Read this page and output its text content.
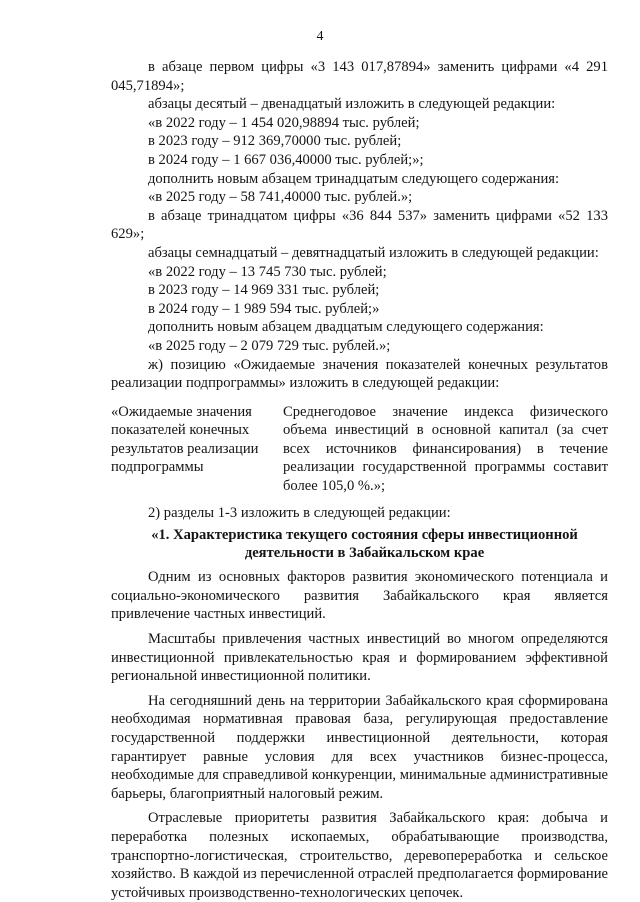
4

в абзаце первом цифры «3 143 017,87894» заменить цифрами «4 291 045,71894»;

абзацы десятый – двенадцатый изложить в следующей редакции:

«в 2022 году – 1 454 020,98894 тыс. рублей;

в 2023 году – 912 369,70000 тыс. рублей;

в 2024 году – 1 667 036,40000 тыс. рублей;»;

дополнить новым абзацем тринадцатым следующего содержания:

«в 2025 году – 58 741,40000 тыс. рублей.»;

в абзаце тринадцатом цифры «36 844 537» заменить цифрами «52 133 629»;

абзацы семнадцатый – девятнадцатый изложить в следующей редакции:

«в 2022 году – 13 745 730 тыс. рублей;

в 2023 году – 14 969 331 тыс. рублей;

в 2024 году – 1 989 594 тыс. рублей;»

дополнить новым абзацем двадцатым следующего содержания:

«в 2025 году – 2 079 729 тыс. рублей.»;

ж) позицию «Ожидаемые значения показателей конечных результатов реализации подпрограммы» изложить в следующей редакции:

«Ожидаемые значения показателей конечных результатов реализации подпрограммы
Среднегодовое значение индекса физического объема инвестиций в основной капитал (за счет всех источников финансирования) в течение реализации государственной программы составит более 105,0 %.»;

2) разделы 1-3 изложить в следующей редакции:

«1. Характеристика текущего состояния сферы инвестиционной

деятельности в Забайкальском крае

Одним из основных факторов развития экономического потенциала и социально-экономического развития Забайкальского края является привлечение частных инвестиций.

Масштабы привлечения частных инвестиций во многом определяются инвестиционной привлекательностью края и формированием эффективной региональной инвестиционной политики.

На сегодняшний день на территории Забайкальского края сформирована необходимая нормативная правовая база, регулирующая предоставление государственной поддержки инвестиционной деятельности, которая гарантирует равные условия для всех участников бизнес-процесса, необходимые для справедливой конкуренции, минимальные административные барьеры, благоприятный налоговый режим.

Отраслевые приоритеты развития Забайкальского края: добыча и переработка полезных ископаемых, обрабатывающие производства, транспортно-логистическая, строительство, деревопереработка и сельское хозяйство. В каждой из перечисленной отраслей предполагается формирование устойчивых производственно-технологических цепочек.
